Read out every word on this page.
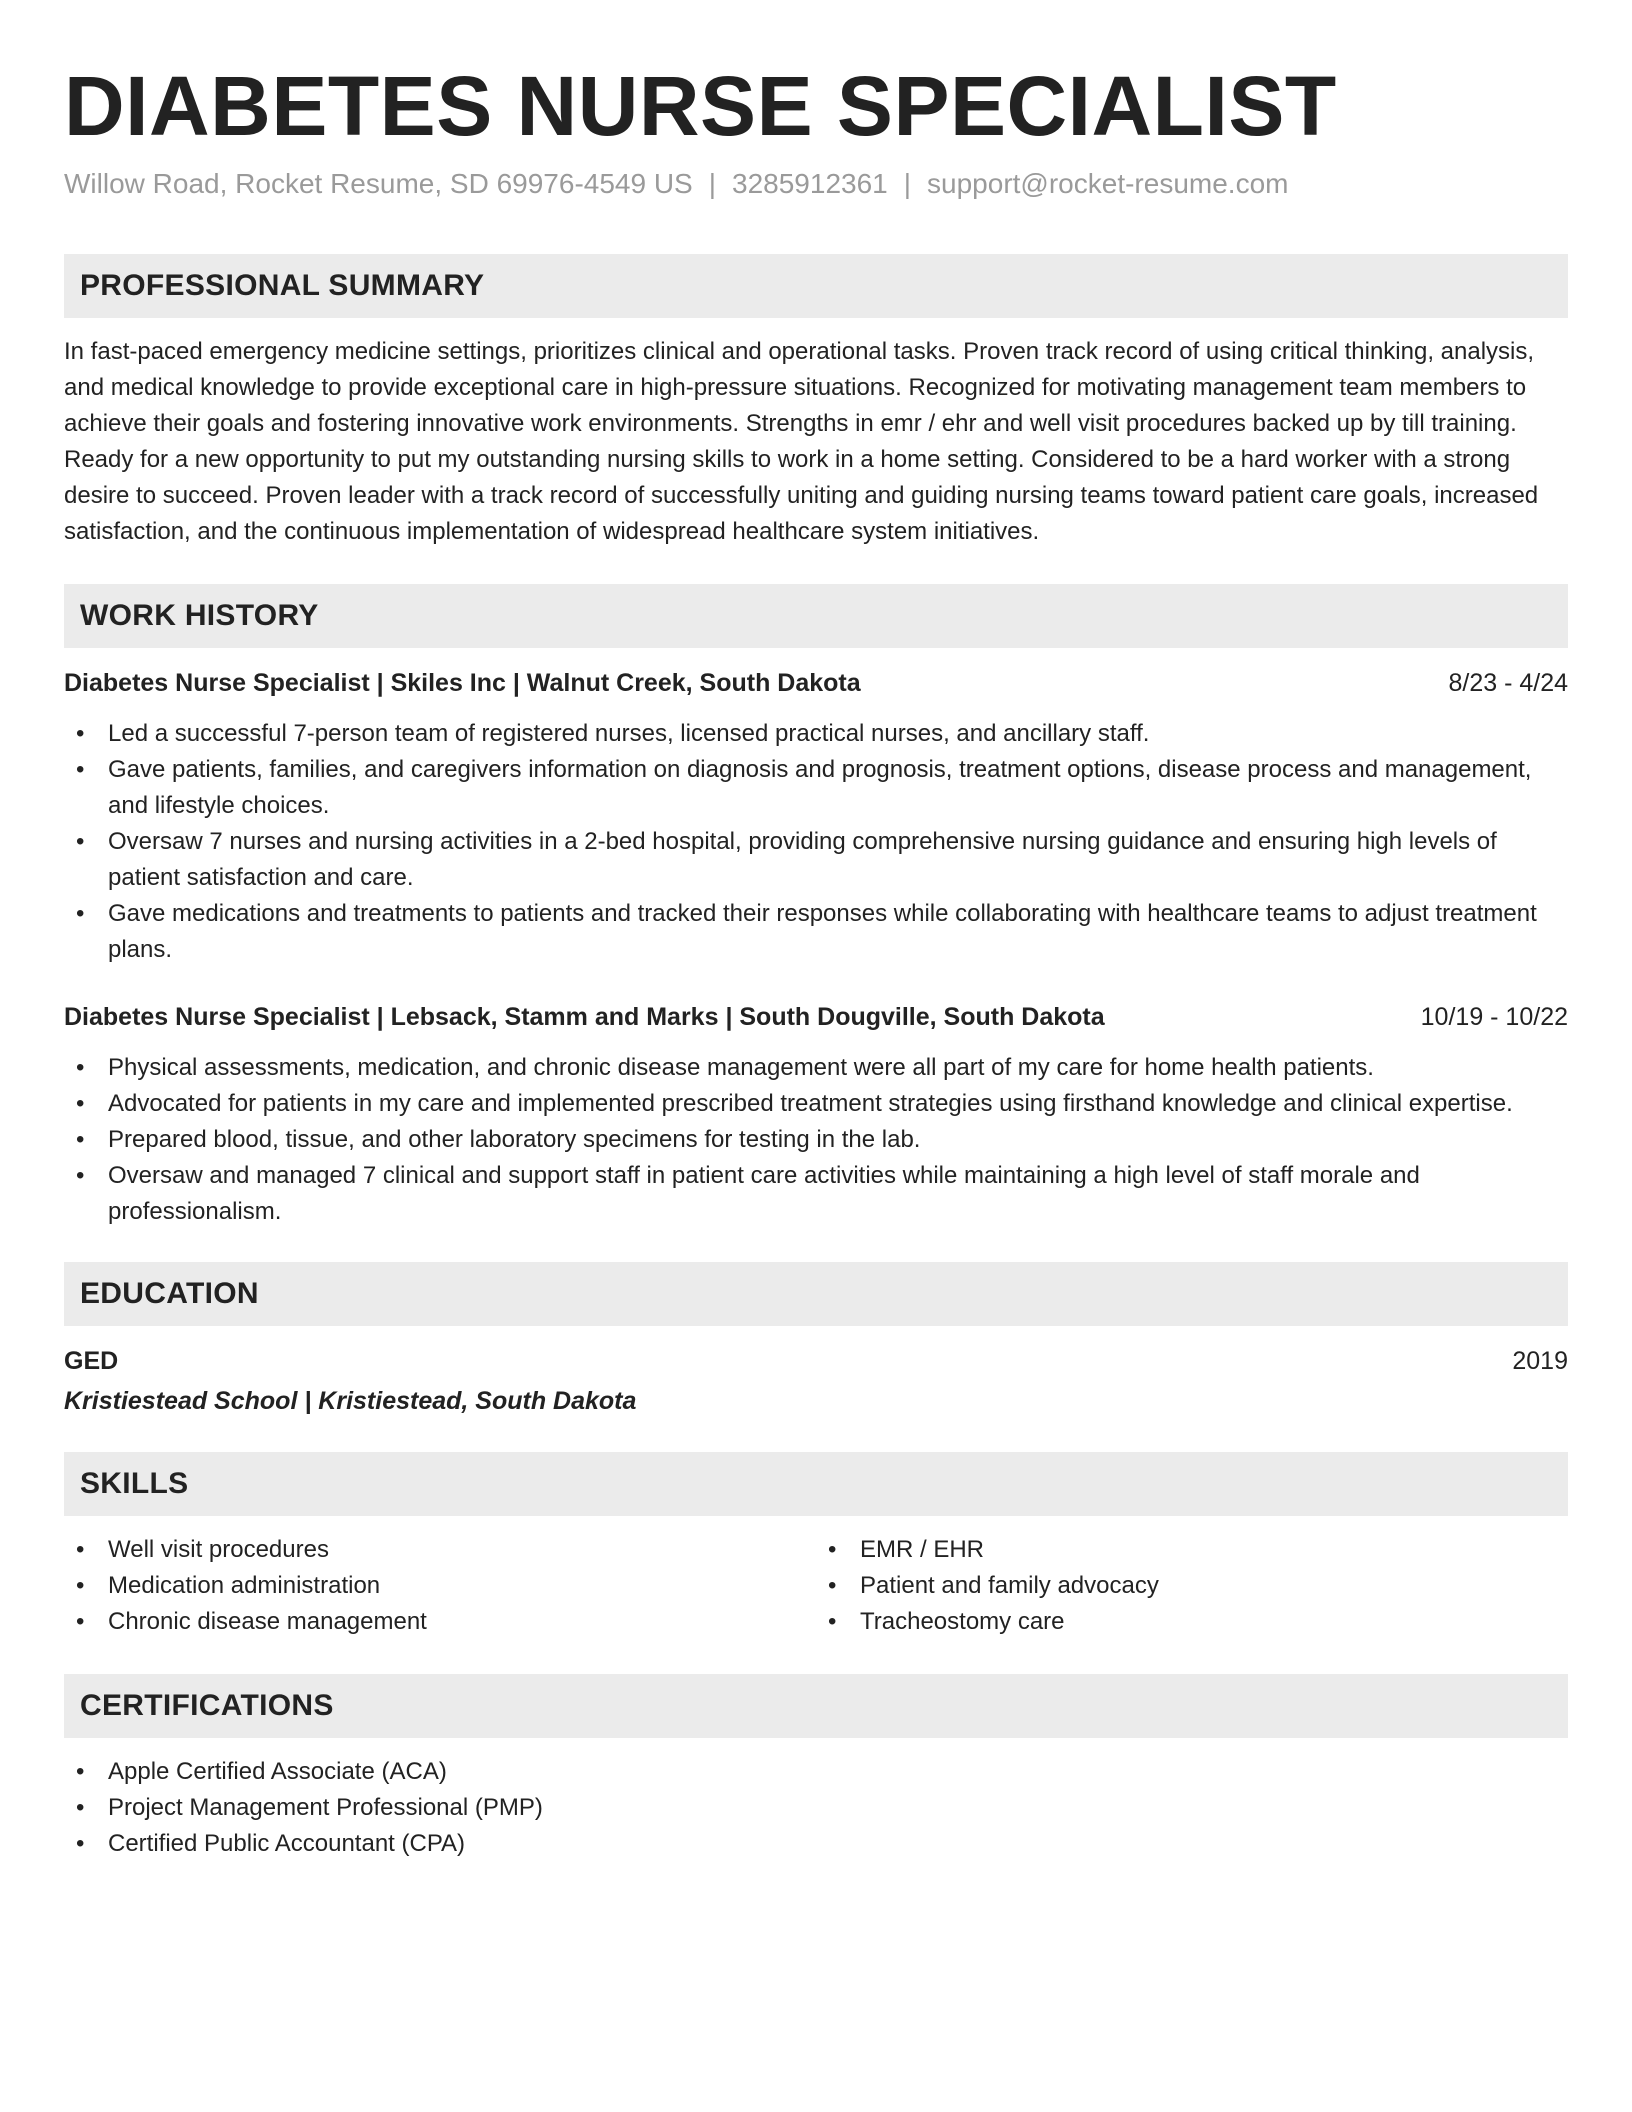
DIABETES NURSE SPECIALIST
Willow Road, Rocket Resume, SD 69976-4549 US | 3285912361 | support@rocket-resume.com
PROFESSIONAL SUMMARY

In fast-paced emergency medicine settings, prioritizes clinical and operational tasks. Proven track record of using critical thinking, analysis, and medical knowledge to provide exceptional care in high-pressure situations. Recognized for motivating management team members to achieve their goals and fostering innovative work environments. Strengths in emr / ehr and well visit procedures backed up by till training. Ready for a new opportunity to put my outstanding nursing skills to work in a home setting. Considered to be a hard worker with a strong desire to succeed. Proven leader with a track record of successfully uniting and guiding nursing teams toward patient care goals, increased satisfaction, and the continuous implementation of widespread healthcare system initiatives.

WORK HISTORY
Diabetes Nurse Specialist | Skiles Inc | Walnut Creek, South Dakota	8/23 - 4/24
• Led a successful 7-person team of registered nurses, licensed practical nurses, and ancillary staff.
• Gave patients, families, and caregivers information on diagnosis and prognosis, treatment options, disease process and management, and lifestyle choices.
• Oversaw 7 nurses and nursing activities in a 2-bed hospital, providing comprehensive nursing guidance and ensuring high levels of patient satisfaction and care.
• Gave medications and treatments to patients and tracked their responses while collaborating with healthcare teams to adjust treatment plans.
Diabetes Nurse Specialist | Lebsack, Stamm and Marks | South Dougville, South Dakota	10/19 - 10/22
• Physical assessments, medication, and chronic disease management were all part of my care for home health patients.
• Advocated for patients in my care and implemented prescribed treatment strategies using firsthand knowledge and clinical expertise.
• Prepared blood, tissue, and other laboratory specimens for testing in the lab.
• Oversaw and managed 7 clinical and support staff in patient care activities while maintaining a high level of staff morale and professionalism.
EDUCATION
GED	2019
Kristiestead School | Kristiestead, South Dakota
SKILLS
• Well visit procedures
• Medication administration
• Chronic disease management
• EMR / EHR
• Patient and family advocacy
• Tracheostomy care
CERTIFICATIONS
• Apple Certified Associate (ACA)
• Project Management Professional (PMP)
• Certified Public Accountant (CPA)
